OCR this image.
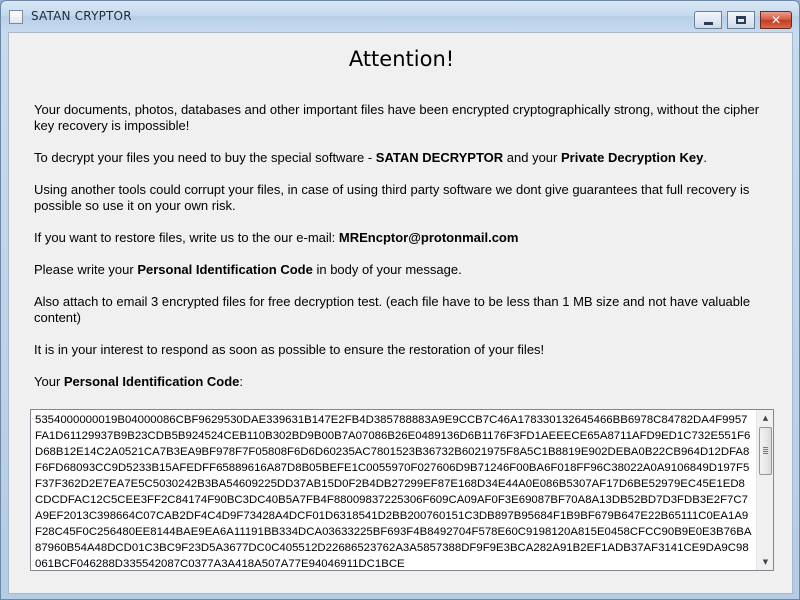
SATAN CRYPTOR	✕
Attention!
Your documents, photos, databases and other important files have been encrypted cryptographically strong, without the cipher key recovery is impossible!
To decrypt your files you need to buy the special software - SATAN DECRYPTOR and your Private Decryption Key.
Using another tools could corrupt your files, in case of using third party software we dont give guarantees that full recovery is possible so use it on your own risk.
If you want to restore files, write us to the our e-mail: MREncptor@protonmail.com
Please write your Personal Identification Code in body of your message.
Also attach to email 3 encrypted files for free decryption test. (each file have to be less than 1 MB size and not have valuable content)
It is in your interest to respond as soon as possible to ensure the restoration of your files!
Your Personal Identification Code:
5354000000019B04000086CBF9629530DAE339631B147E2FB4D385788883A9E9CCB7C46A178330132645466BB6978C84782DA4F9957FA1D61129937B9B23CDB5B924524CEB110B302BD9B00B7A07086B26E0489136D6B1176F3FD1AEEECE65A8711AFD9ED1C732E551F6D68B12E14C2A0521CA7B3EA9BF978F7F05808F6D6D60235AC7801523B36732B6021975F8A5C1B8819E902DEBA0B22CB964D12DFA8F6FD68093CC9D5233B15AFEDFF65889616A87D8B05BEFE1C0055970F027606D9B71246F00BA6F018FF96C38022A0A9106849D197F5F37F362D2E7EA7E5C5030242B3BA54609225DD37AB15D0F2B4DB27299EF87E168D34E44A0E086B5307AF17D6BE52979EC45E1ED8CDCDFAC12C5CEE3FF2C84174F90BC3DC40B5A7FB4F88009837225306F609CA09AF0F3E69087BF70A8A13DB52BD7D3FDB3E2F7C7A9EF2013C398664C07CAB2DF4C4D9F73428A4DCF01D6318541D2BB200760151C3DB897B95684F1B9BF679B647E22B65111C0EA1A9F28C45F0C256480EE8144BAE9EA6A11191BB334DCA03633225BF693F4B8492704F578E60C9198120A815E0458CFCC90B9E0E3B76BA87960B54A48DCD01C3BC9F23D5A3677DC0C405512D22686523762A3A5857388DF9F9E3BCA282A91B2EF1ADB37AF3141CE9DA9C98061BCF046288D335542087C0377A3A418A507A77E94046911DC1BCE
▲
▼
